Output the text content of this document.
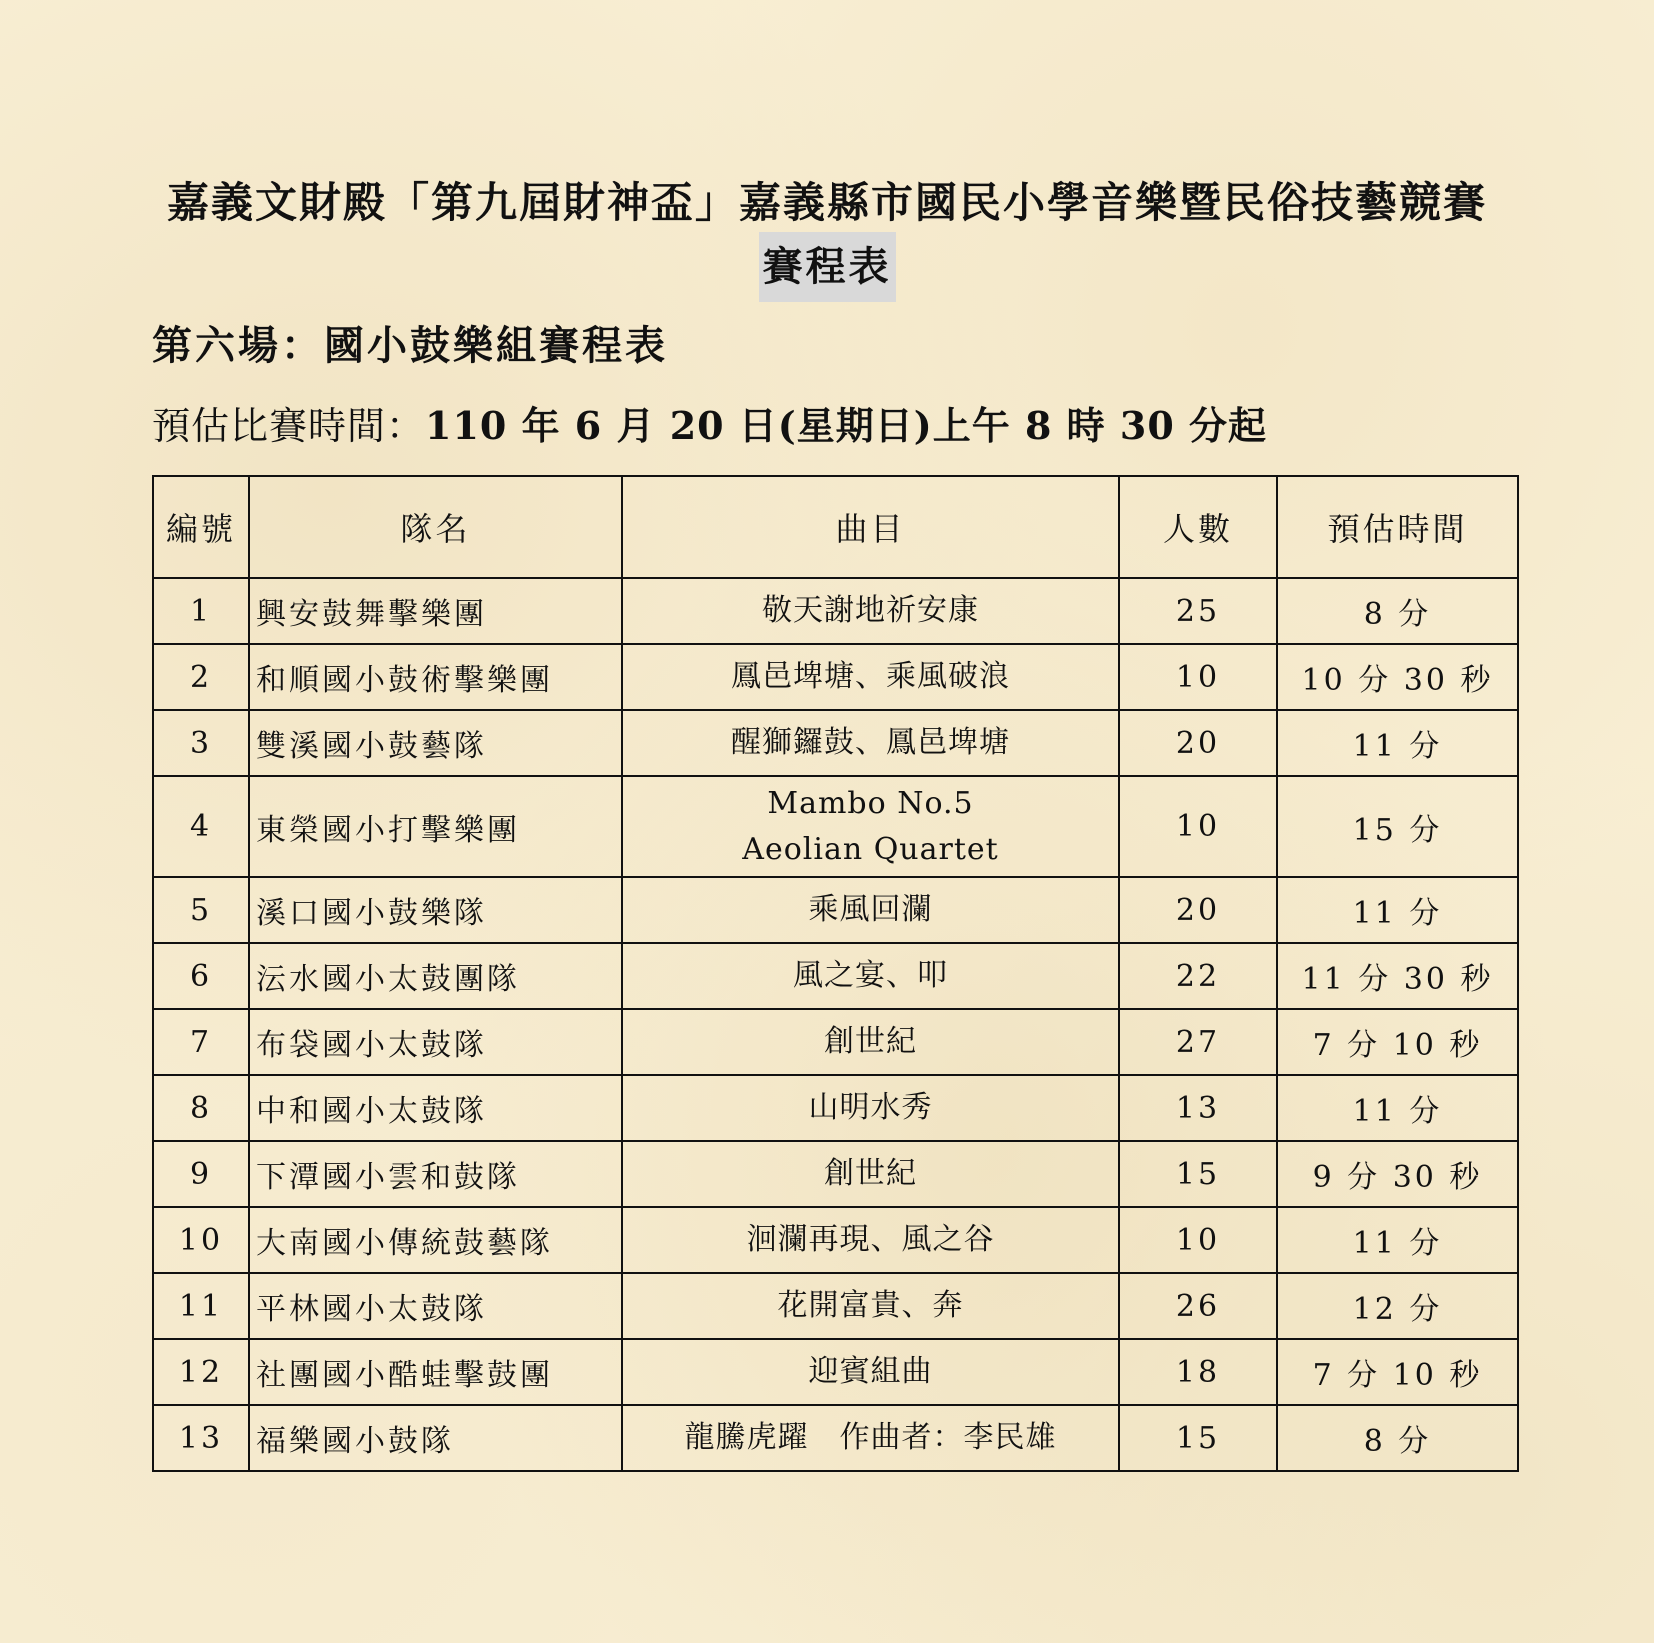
嘉義文財殿「第九屆財神盃」嘉義縣市國民小學音樂暨民俗技藝競賽
賽程表
第六場：國小鼓樂組賽程表
預估比賽時間：110 年 6 月 20 日(星期日)上午 8 時 30 分起
編號	隊名	曲目	人數	預估時間
1	興安鼓舞擊樂團	敬天謝地祈安康	25	8 分
2	和順國小鼓術擊樂團	鳳邑埤塘、乘風破浪	10	10 分 30 秒
3	雙溪國小鼓藝隊	醒獅鑼鼓、鳳邑埤塘	20	11 分
4	東榮國小打擊樂團	Mambo No.5
Aeolian Quartet	10	15 分
5	溪口國小鼓樂隊	乘風回瀾	20	11 分
6	沄水國小太鼓團隊	風之宴、叩	22	11 分 30 秒
7	布袋國小太鼓隊	創世紀	27	7 分 10 秒
8	中和國小太鼓隊	山明水秀	13	11 分
9	下潭國小雲和鼓隊	創世紀	15	9 分 30 秒
10	大南國小傳統鼓藝隊	洄瀾再現、風之谷	10	11 分
11	平林國小太鼓隊	花開富貴、奔	26	12 分
12	社團國小酷蛙擊鼓團	迎賓組曲	18	7 分 10 秒
13	福樂國小鼓隊	龍騰虎躍　作曲者：李民雄	15	8 分
